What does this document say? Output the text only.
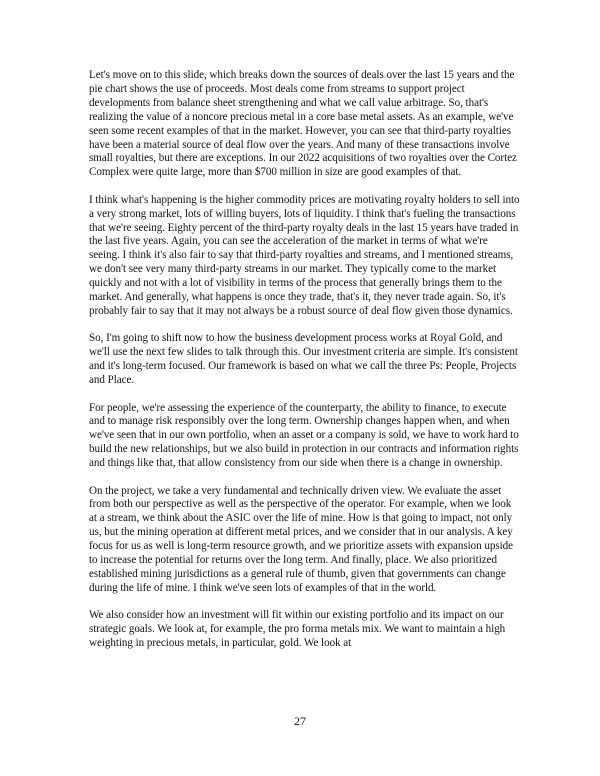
Let's move on to this slide, which breaks down the sources of deals over the last 15 years and the pie chart shows the use of proceeds. Most deals come from streams to support project developments from balance sheet strengthening and what we call value arbitrage. So, that's realizing the value of a noncore precious metal in a core base metal assets. As an example, we've seen some recent examples of that in the market. However, you can see that third-party royalties have been a material source of deal flow over the years. And many of these transactions involve small royalties, but there are exceptions. In our 2022 acquisitions of two royalties over the Cortez Complex were quite large, more than $700 million in size are good examples of that.

I think what's happening is the higher commodity prices are motivating royalty holders to sell into a very strong market, lots of willing buyers, lots of liquidity. I think that's fueling the transactions that we're seeing. Eighty percent of the third-party royalty deals in the last 15 years have traded in the last five years. Again, you can see the acceleration of the market in terms of what we're seeing. I think it's also fair to say that third-party royalties and streams, and I mentioned streams, we don't see very many third-party streams in our market. They typically come to the market quickly and not with a lot of visibility in terms of the process that generally brings them to the market. And generally, what happens is once they trade, that's it, they never trade again. So, it's probably fair to say that it may not always be a robust source of deal flow given those dynamics.

So, I'm going to shift now to how the business development process works at Royal Gold, and we'll use the next few slides to talk through this. Our investment criteria are simple. It's consistent and it's long-term focused. Our framework is based on what we call the three Ps: People, Projects and Place.

For people, we're assessing the experience of the counterparty, the ability to finance, to execute and to manage risk responsibly over the long term. Ownership changes happen when, and when we've seen that in our own portfolio, when an asset or a company is sold, we have to work hard to build the new relationships, but we also build in protection in our contracts and information rights and things like that, that allow consistency from our side when there is a change in ownership.

On the project, we take a very fundamental and technically driven view. We evaluate the asset from both our perspective as well as the perspective of the operator. For example, when we look at a stream, we think about the ASIC over the life of mine. How is that going to impact, not only us, but the mining operation at different metal prices, and we consider that in our analysis. A key focus for us as well is long-term resource growth, and we prioritize assets with expansion upside to increase the potential for returns over the long term. And finally, place. We also prioritized established mining jurisdictions as a general rule of thumb, given that governments can change during the life of mine. I think we've seen lots of examples of that in the world.

We also consider how an investment will fit within our existing portfolio and its impact on our strategic goals. We look at, for example, the pro forma metals mix. We want to maintain a high weighting in precious metals, in particular, gold. We look at

27
